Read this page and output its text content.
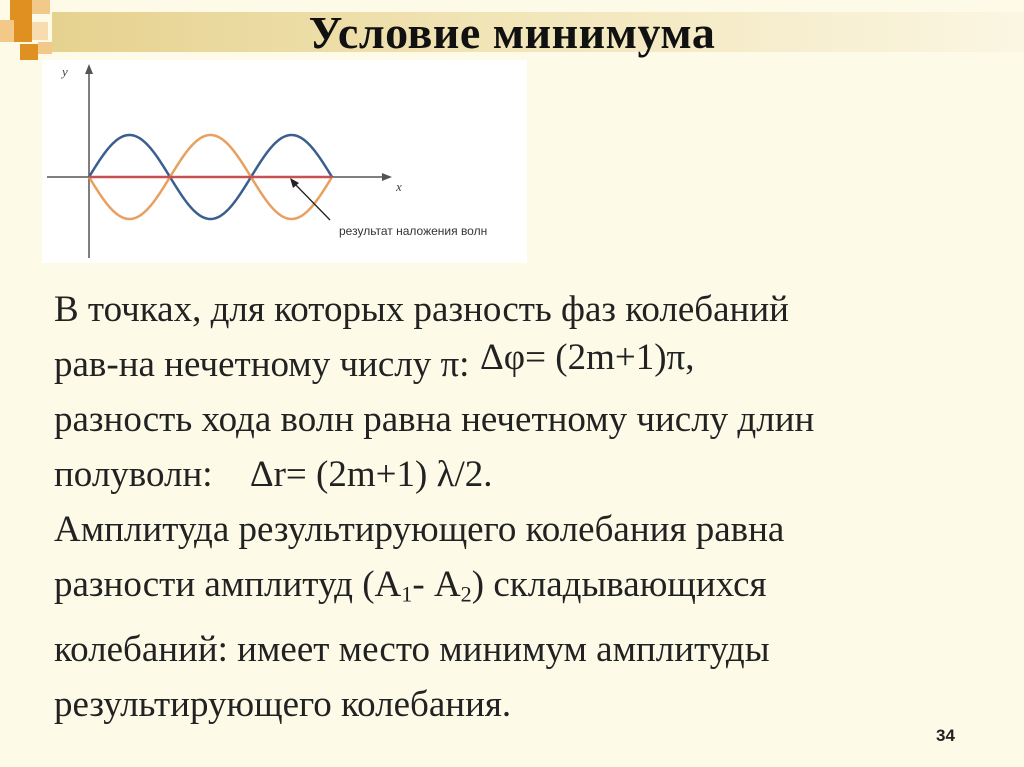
Условие минимума
y
x
результат наложения волн
В точках, для которых разность фаз колебаний
рав-на нечетному числу π: Δφ= (2m+1)π,
разность хода волн равна нечетному числу длин
полуволн: Δr= (2m+1) λ/2.
Амплитуда результирующего колебания равна
разности амплитуд ($А_1-$ $А_2$) складывающихся
колебаний: имеет место минимум амплитуды
результирующего колебания.
34
